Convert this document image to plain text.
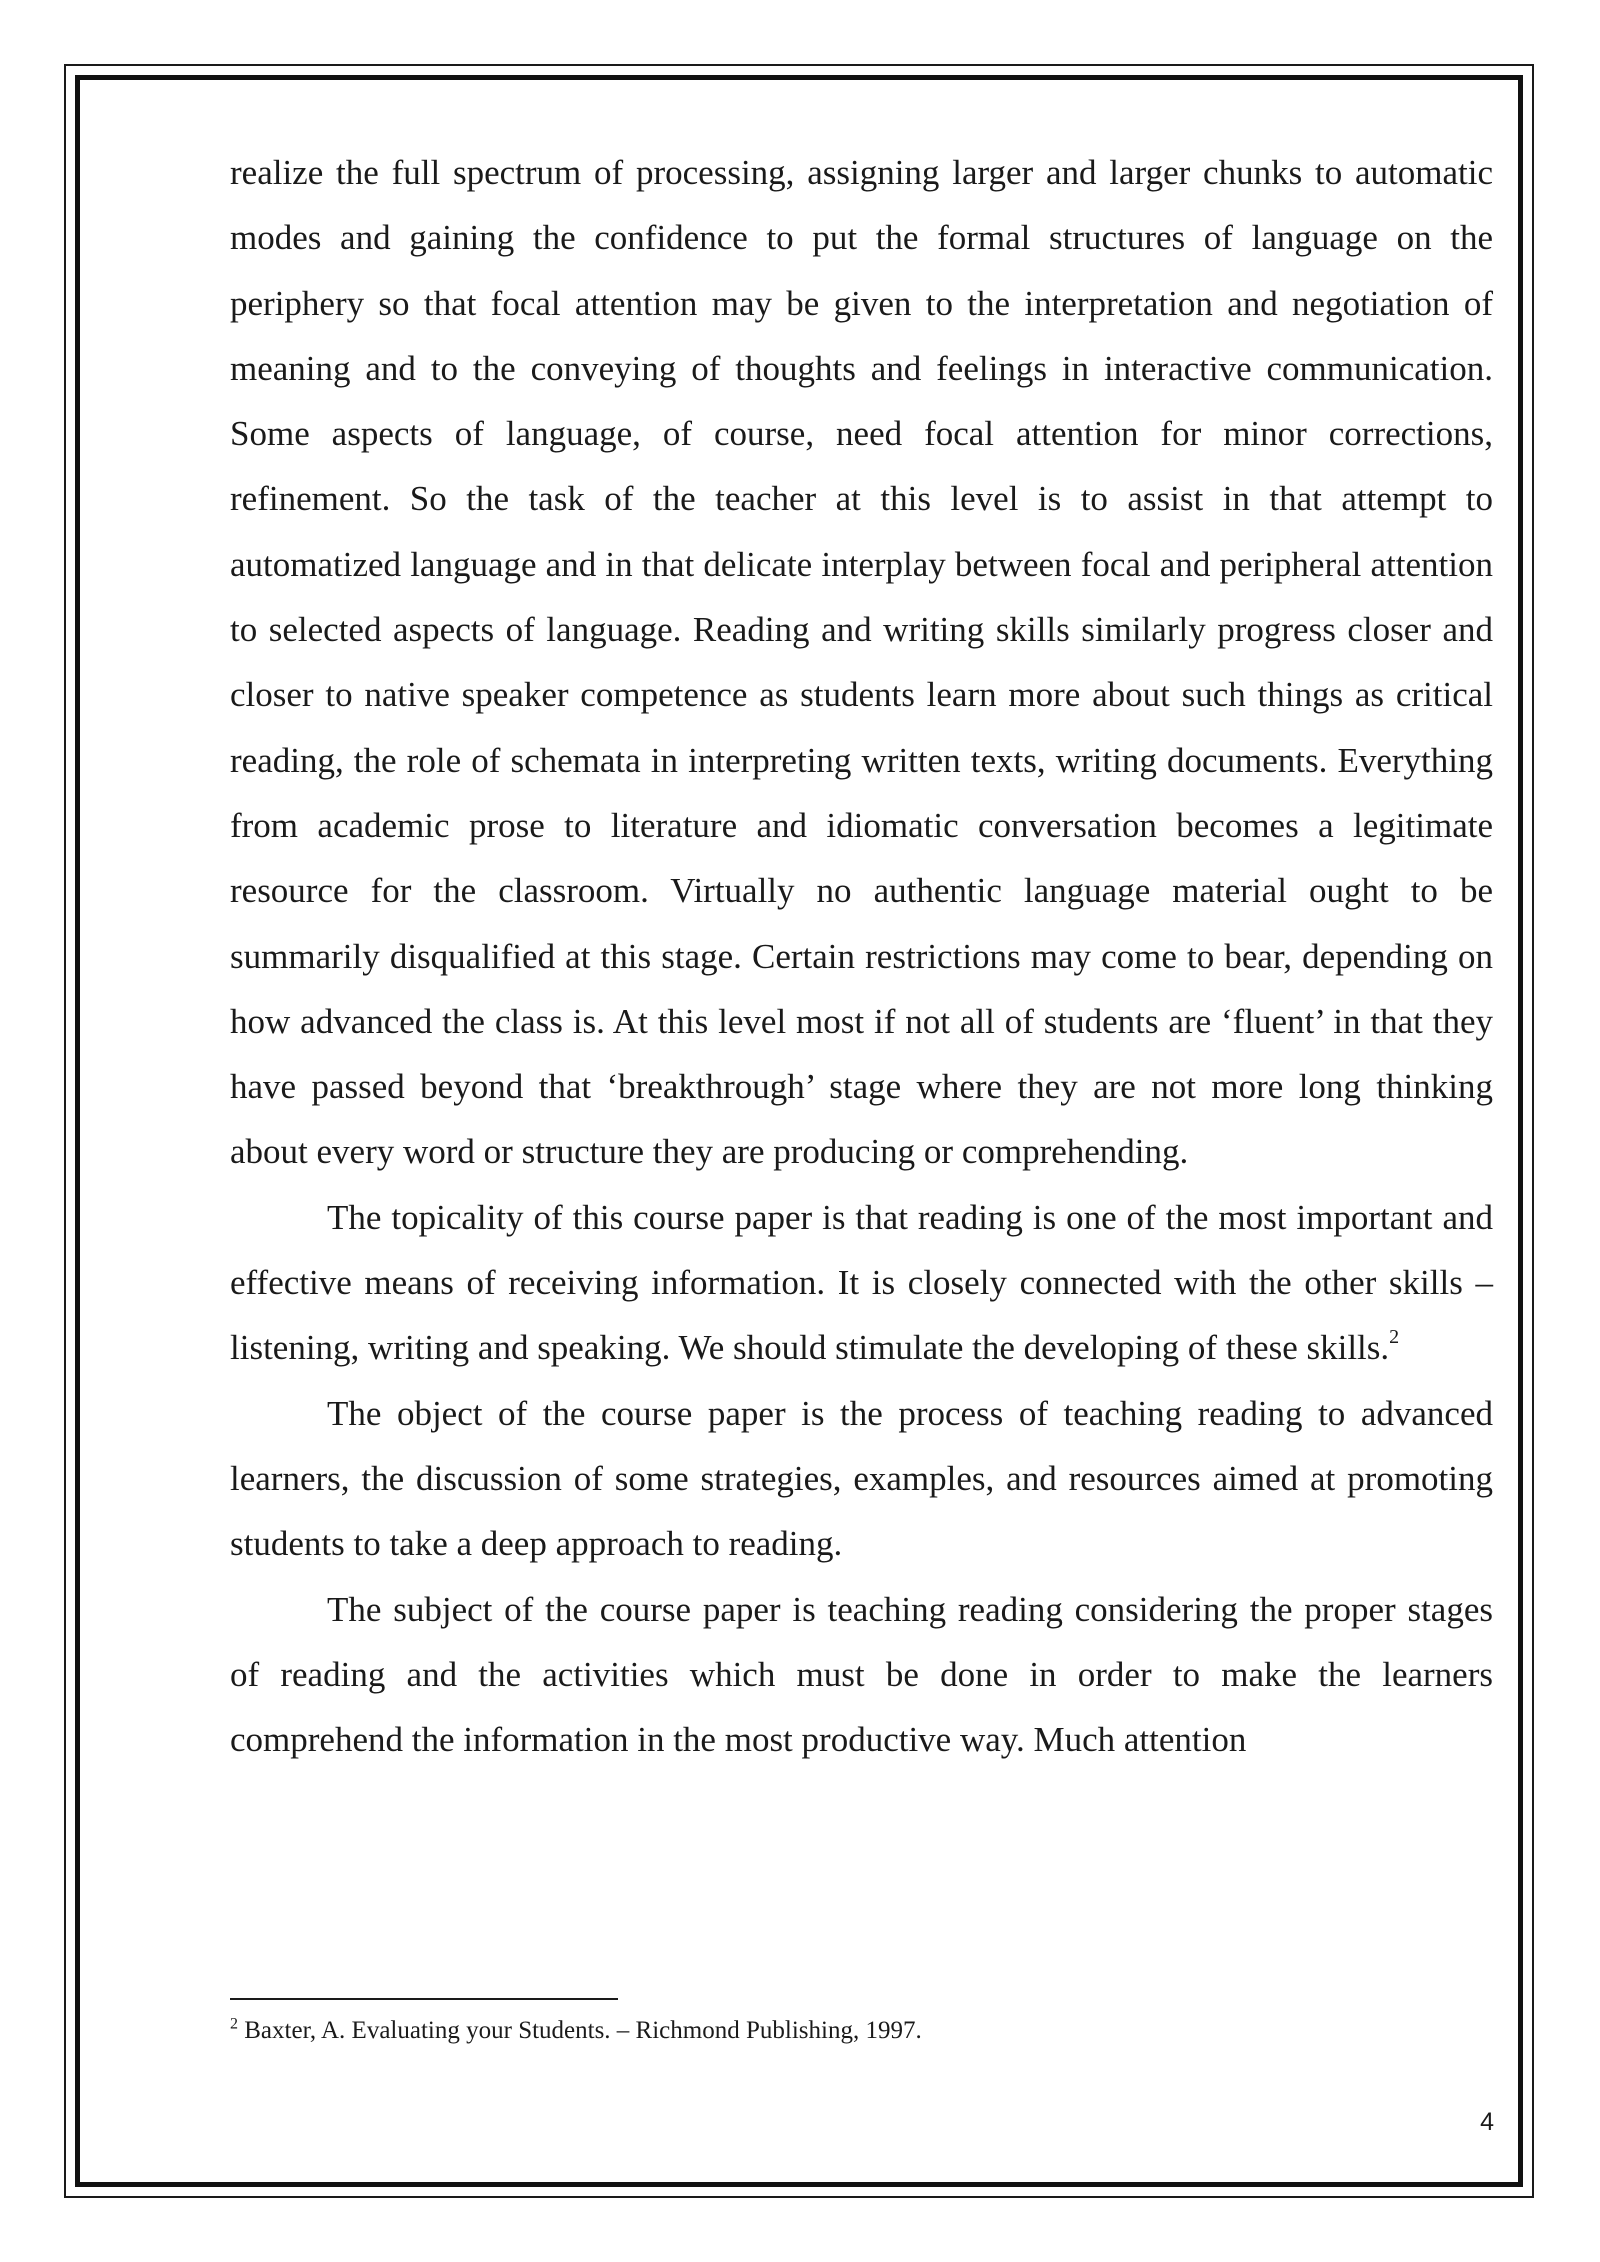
realize the full spectrum of processing, assigning larger and larger chunks to automatic modes and gaining the confidence to put the formal structures of language on the periphery so that focal attention may be given to the interpretation and negotiation of meaning and to the conveying of thoughts and feelings in interactive communication. Some aspects of language, of course, need focal attention for minor corrections, refinement. So the task of the teacher at this level is to assist in that attempt to automatized language and in that delicate interplay between focal and peripheral attention to selected aspects of language. Reading and writing skills similarly progress closer and closer to native speaker competence as students learn more about such things as critical reading, the role of schemata in interpreting written texts, writing documents. Everything from academic prose to literature and idiomatic conversation becomes a legitimate resource for the classroom. Virtually no authentic language material ought to be summarily disqualified at this stage. Certain restrictions may come to bear, depending on how advanced the class is. At this level most if not all of students are ‘fluent’ in that they have passed beyond that ‘breakthrough’ stage where they are not more long thinking about every word or structure they are producing or comprehending.

The topicality of this course paper is that reading is one of the most important and effective means of receiving information. It is closely connected with the other skills – listening, writing and speaking. We should stimulate the developing of these skills.$^2$

The object of the course paper is the process of teaching reading to advanced learners, the discussion of some strategies, examples, and resources aimed at promoting students to take a deep approach to reading.

The subject of the course paper is teaching reading considering the proper stages of reading and the activities which must be done in order to make the learners comprehend the information in the most productive way. Much attention

$^2$ Baxter, A. Evaluating your Students. – Richmond Publishing, 1997.
4
